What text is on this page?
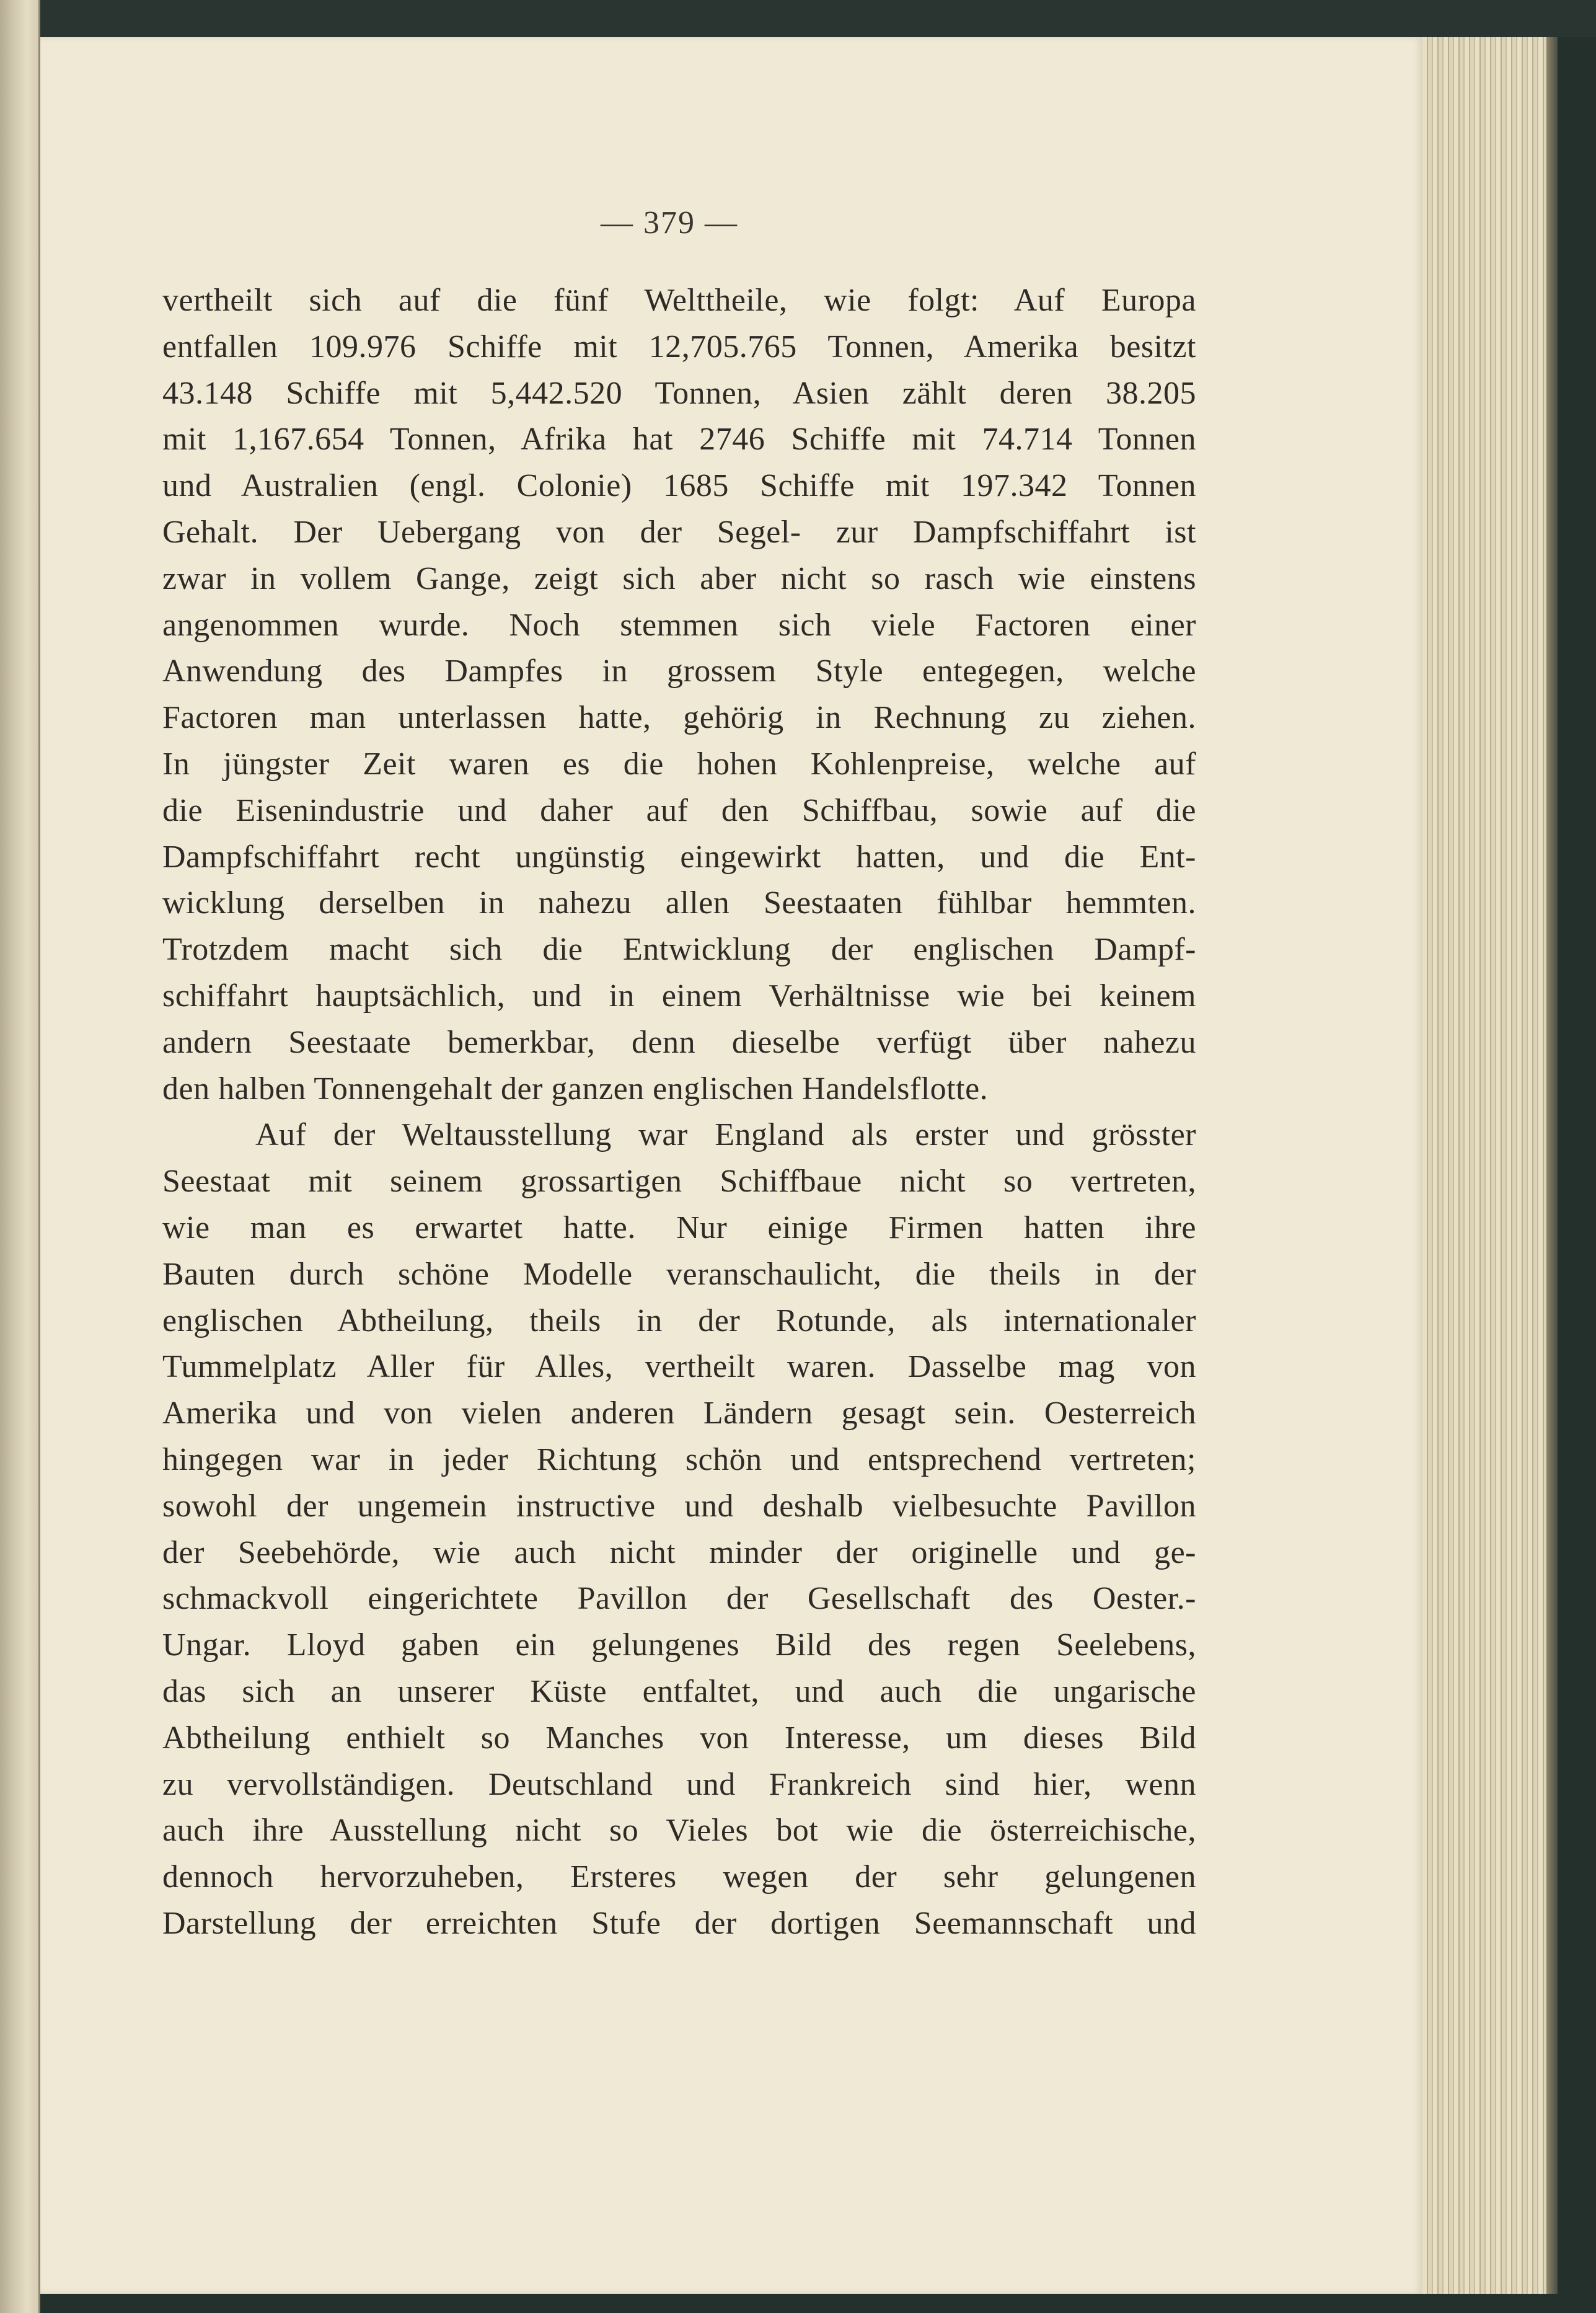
— 379 —
vertheilt sich auf die fünf Welttheile, wie folgt: Auf Europa
entfallen 109.976 Schiffe mit 12,705.765 Tonnen, Amerika besitzt
43.148 Schiffe mit 5,442.520 Tonnen, Asien zählt deren 38.205
mit 1,167.654 Tonnen, Afrika hat 2746 Schiffe mit 74.714 Tonnen
und Australien (engl. Colonie) 1685 Schiffe mit 197.342 Tonnen
Gehalt. Der Uebergang von der Segel- zur Dampfschiffahrt ist
zwar in vollem Gange, zeigt sich aber nicht so rasch wie einstens
angenommen wurde. Noch stemmen sich viele Factoren einer
Anwendung des Dampfes in grossem Style entegegen, welche
Factoren man unterlassen hatte, gehörig in Rechnung zu ziehen.
In jüngster Zeit waren es die hohen Kohlenpreise, welche auf
die Eisenindustrie und daher auf den Schiffbau, sowie auf die
Dampfschiffahrt recht ungünstig eingewirkt hatten, und die Ent-
wicklung derselben in nahezu allen Seestaaten fühlbar hemmten.
Trotzdem macht sich die Entwicklung der englischen Dampf-
schiffahrt hauptsächlich, und in einem Verhältnisse wie bei keinem
andern Seestaate bemerkbar, denn dieselbe verfügt über nahezu
den halben Tonnengehalt der ganzen englischen Handelsflotte.
Auf der Weltausstellung war England als erster und grösster
Seestaat mit seinem grossartigen Schiffbaue nicht so vertreten,
wie man es erwartet hatte. Nur einige Firmen hatten ihre
Bauten durch schöne Modelle veranschaulicht, die theils in der
englischen Abtheilung, theils in der Rotunde, als internationaler
Tummelplatz Aller für Alles, vertheilt waren. Dasselbe mag von
Amerika und von vielen anderen Ländern gesagt sein. Oesterreich
hingegen war in jeder Richtung schön und entsprechend vertreten;
sowohl der ungemein instructive und deshalb vielbesuchte Pavillon
der Seebehörde, wie auch nicht minder der originelle und ge-
schmackvoll eingerichtete Pavillon der Gesellschaft des Oester.-
Ungar. Lloyd gaben ein gelungenes Bild des regen Seelebens,
das sich an unserer Küste entfaltet, und auch die ungarische
Abtheilung enthielt so Manches von Interesse, um dieses Bild
zu vervollständigen. Deutschland und Frankreich sind hier, wenn
auch ihre Ausstellung nicht so Vieles bot wie die österreichische,
dennoch hervorzuheben, Ersteres wegen der sehr gelungenen
Darstellung der erreichten Stufe der dortigen Seemannschaft und
